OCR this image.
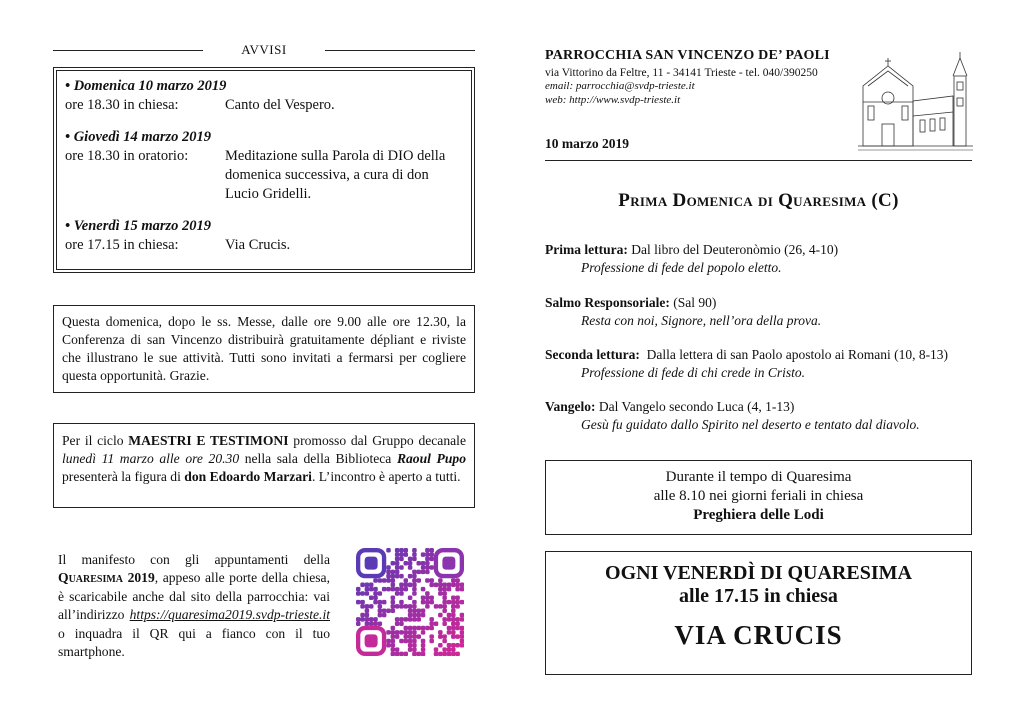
AVVISI
• Domenica 10 marzo 2019
ore 18.30 in chiesa:	Canto del Vespero.
• Giovedì 14 marzo 2019
ore 18.30 in oratorio:	Meditazione sulla Parola di DIO della domenica successiva, a cura di don Lucio Gridelli.
• Venerdì 15 marzo 2019
ore 17.15 in chiesa:	Via Crucis.
Questa domenica, dopo le ss. Messe, dalle ore 9.00 alle ore 12.30, la Conferenza di san Vincenzo distribuirà gratuitamente dépliant e riviste che illustrano le sue attività. Tutti sono invitati a fermarsi per cogliere questa opportunità. Grazie.
Per il ciclo MAESTRI E TESTIMONI promosso dal Gruppo decanale lunedì 11 marzo alle ore 20.30 nella sala della Biblioteca Raoul Pupo presenterà la figura di don Edoardo Marzari. L’incontro è aperto a tutti.
Il manifesto con gli appuntamenti della Quaresima 2019, appeso alle porte della chiesa, è scaricabile anche dal sito della parrocchia: vai all’indirizzo https://quaresima2019.svdp-trieste.it o inquadra il QR qui a fianco con il tuo smartphone.
PARROCCHIA SAN VINCENZO DE’ PAOLI
via Vittorino da Feltre, 11 - 34141 Trieste - tel. 040/390250
email: parrocchia@svdp-trieste.it
web: http://www.svdp-trieste.it
10 marzo 2019
Prima Domenica di Quaresima (C)
Prima lettura: Dal libro del Deuteronòmio (26, 4-10)
Professione di fede del popolo eletto.
Salmo Responsoriale: (Sal 90)
Resta con noi, Signore, nell’ora della prova.
Seconda lettura:  Dalla lettera di san Paolo apostolo ai Romani (10, 8-13)
Professione di fede di chi crede in Cristo.
Vangelo: Dal Vangelo secondo Luca (4, 1-13)
Gesù fu guidato dallo Spirito nel deserto e tentato dal diavolo.
Durante il tempo di Quaresima
alle 8.10 nei giorni feriali in chiesa
Preghiera delle Lodi
OGNI VENERDÌ DI QUARESIMA
alle 17.15 in chiesa
VIA CRUCIS
